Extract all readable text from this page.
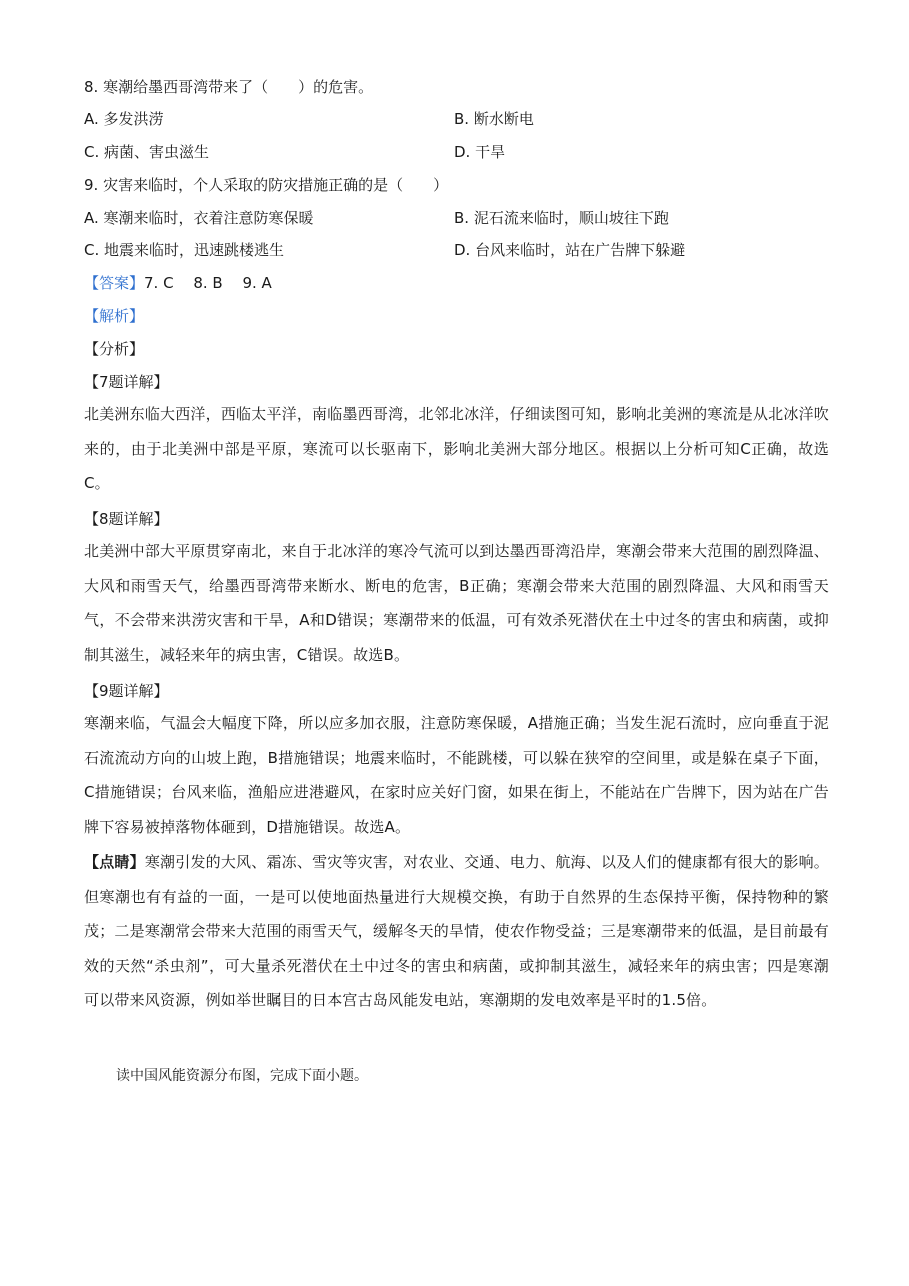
8. 寒潮给墨西哥湾带来了（　　）的危害。
A. 多发洪涝	B. 断水断电
C. 病菌、害虫滋生	D. 干旱
9. 灾害来临时，个人采取的防灾措施正确的是（　　）
A. 寒潮来临时，衣着注意防寒保暖	B. 泥石流来临时，顺山坡往下跑
C. 地震来临时，迅速跳楼逃生	D. 台风来临时，站在广告牌下躲避
【答案】7. C　 8. B　 9. A
【解析】
【分析】
【7题详解】
北美洲东临大西洋，西临太平洋，南临墨西哥湾，北邻北冰洋，仔细读图可知，影响北美洲的寒流是从北冰洋吹来的，由于北美洲中部是平原，寒流可以长驱南下，影响北美洲大部分地区。根据以上分析可知C正确，故选C。
【8题详解】
北美洲中部大平原贯穿南北，来自于北冰洋的寒冷气流可以到达墨西哥湾沿岸，寒潮会带来大范围的剧烈降温、大风和雨雪天气，给墨西哥湾带来断水、断电的危害，B正确；寒潮会带来大范围的剧烈降温、大风和雨雪天气，不会带来洪涝灾害和干旱，A和D错误；寒潮带来的低温，可有效杀死潜伏在土中过冬的害虫和病菌，或抑制其滋生，减轻来年的病虫害，C错误。故选B。
【9题详解】
寒潮来临，气温会大幅度下降，所以应多加衣服，注意防寒保暖，A措施正确；当发生泥石流时，应向垂直于泥石流流动方向的山坡上跑，B措施错误；地震来临时，不能跳楼，可以躲在狭窄的空间里，或是躲在桌子下面，C措施错误；台风来临，渔船应进港避风，在家时应关好门窗，如果在街上，不能站在广告牌下，因为站在广告牌下容易被掉落物体砸到，D措施错误。故选A。
【点睛】寒潮引发的大风、霜冻、雪灾等灾害，对农业、交通、电力、航海、以及人们的健康都有很大的影响。但寒潮也有有益的一面，一是可以使地面热量进行大规模交换，有助于自然界的生态保持平衡，保持物种的繁茂；二是寒潮常会带来大范围的雨雪天气，缓解冬天的旱情，使农作物受益；三是寒潮带来的低温，是目前最有效的天然“杀虫剂”，可大量杀死潜伏在土中过冬的害虫和病菌，或抑制其滋生，减轻来年的病虫害；四是寒潮可以带来风资源，例如举世瞩目的日本宫古岛风能发电站，寒潮期的发电效率是平时的1.5倍。
读中国风能资源分布图，完成下面小题。
